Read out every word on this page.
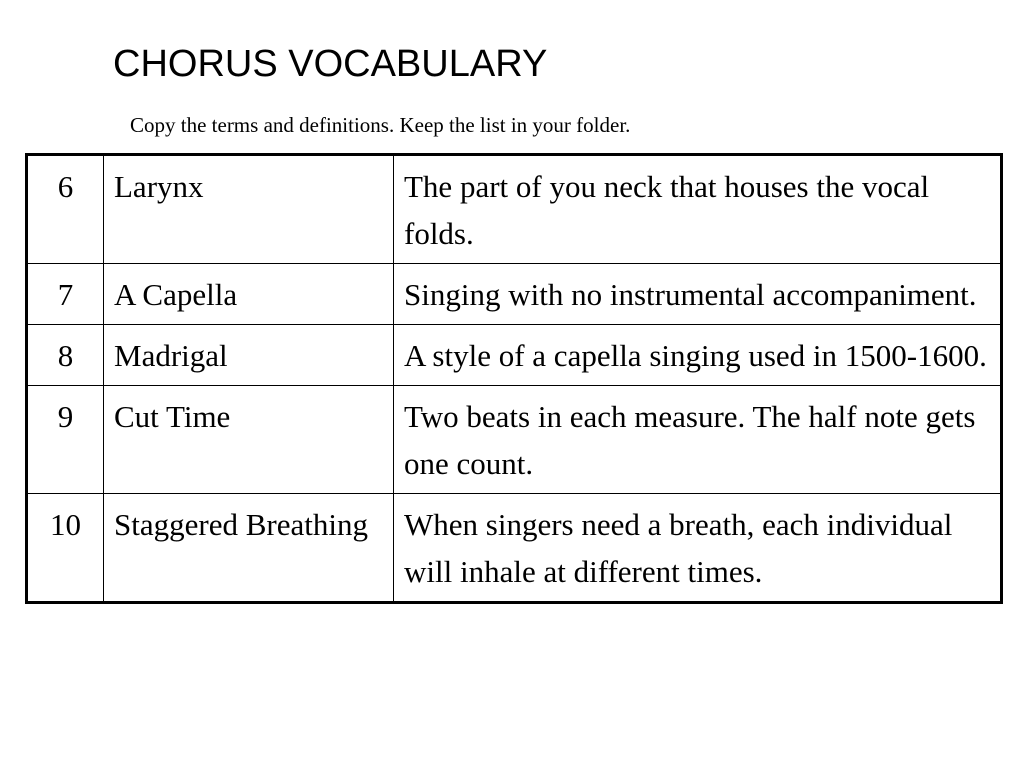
CHORUS VOCABULARY
Copy the terms and definitions. Keep the list in your folder.
6	Larynx	The part of you neck that houses the vocal folds.
7	A Capella	Singing with no instrumental accompaniment.
8	Madrigal	A style of a capella singing used in 1500-1600.
9	Cut Time	Two beats in each measure. The half note gets one count.
10	Staggered Breathing	When singers need a breath, each individual will inhale at different times.
